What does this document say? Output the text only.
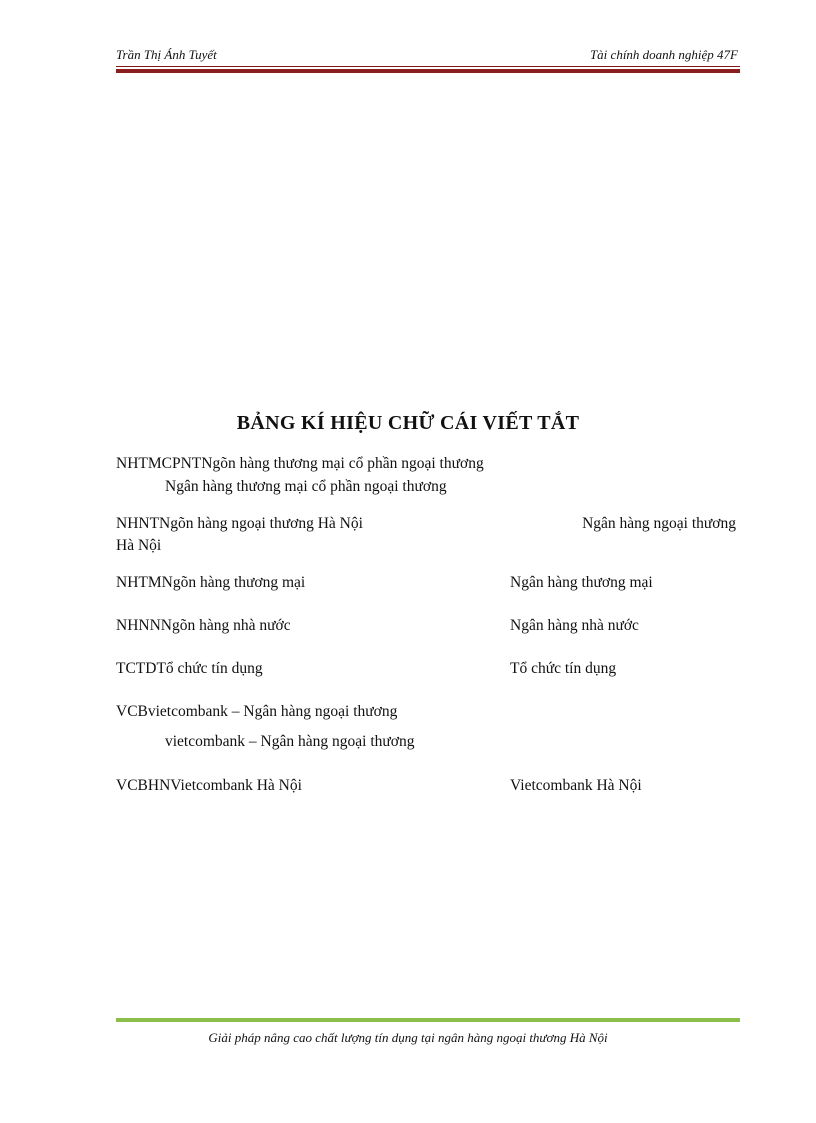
Trần Thị Ánh Tuyết	Tài chính doanh nghiệp 47F
BẢNG KÍ HIỆU CHỮ CÁI VIẾT TẮT
NHTMCPNTNgõn hàng thương mại cổ phần ngoại thương
Ngân hàng thương mại cổ phần ngoại thương
NHNTNgõn hàng ngoại thương Hà Nội	Ngân hàng ngoại thương
Hà Nội
NHTMNgõn hàng thương mại	Ngân hàng thương mại
NHNNNgõn hàng nhà nước	Ngân hàng nhà nước
TCTDTổ chức tín dụng	Tổ chức tín dụng
VCBvietcombank – Ngân hàng ngoại thương
vietcombank – Ngân hàng ngoại thương
VCBHNVietcombank Hà Nội	Vietcombank Hà Nội
Giải pháp nâng cao chất lượng tín dụng tại ngân hàng ngoại thương Hà Nội
